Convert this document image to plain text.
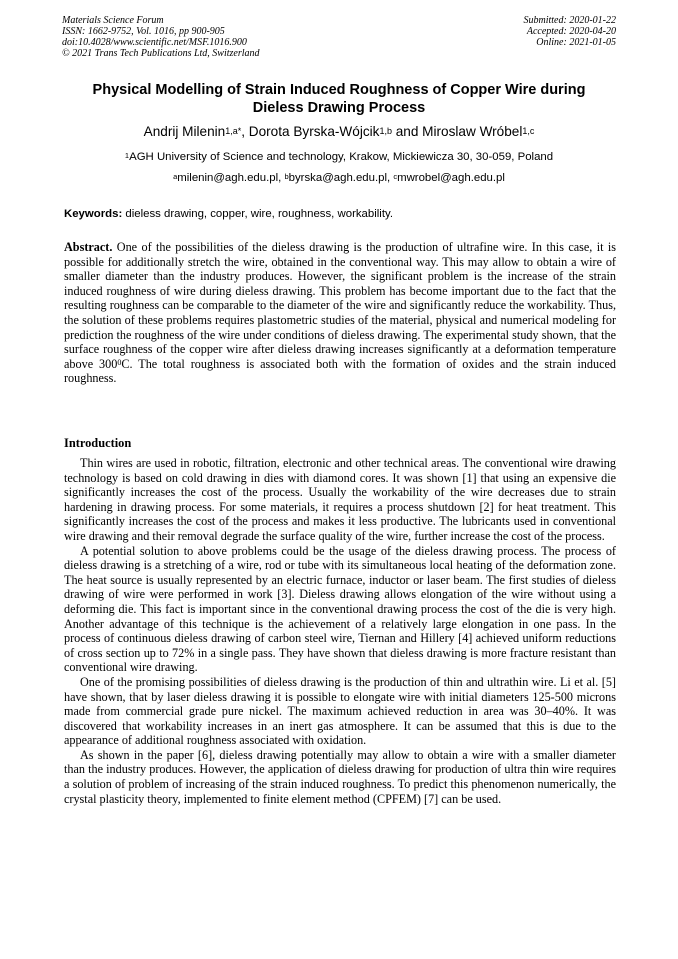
Materials Science Forum
ISSN: 1662-9752, Vol. 1016, pp 900-905
doi:10.4028/www.scientific.net/MSF.1016.900
© 2021 Trans Tech Publications Ltd, Switzerland
Submitted: 2020-01-22
Accepted: 2020-04-20
Online: 2021-01-05
Physical Modelling of Strain Induced Roughness of Copper Wire during
Dieless Drawing Process
Andrij Milenin$^{1,a*}$, Dorota Byrska-Wójcik$^{1,b}$ and Miroslaw Wróbel$^{1,c}$
$^1$AGH University of Science and technology, Krakow, Mickiewicza 30, 30-059, Poland
$^a$milenin@agh.edu.pl, $^b$byrska@agh.edu.pl, $^c$mwrobel@agh.edu.pl
Keywords: dieless drawing, copper, wire, roughness, workability.
Abstract. One of the possibilities of the dieless drawing is the production of ultrafine wire. In this case, it is possible for additionally stretch the wire, obtained in the conventional way. This may allow to obtain a wire of smaller diameter than the industry produces. However, the significant problem is the increase of the strain induced roughness of wire during dieless drawing. This problem has become important due to the fact that the resulting roughness can be comparable to the diameter of the wire and significantly reduce the workability. Thus, the solution of these problems requires plastometric studies of the material, physical and numerical modeling for prediction the roughness of the wire under conditions of dieless drawing. The experimental study shown, that the surface roughness of the copper wire after dieless drawing increases significantly at a deformation temperature above $300^0C$. The total roughness is associated both with the formation of oxides and the strain induced roughness.
Introduction

Thin wires are used in robotic, filtration, electronic and other technical areas. The conventional wire drawing technology is based on cold drawing in dies with diamond cores. It was shown [1] that using an expensive die significantly increases the cost of the process. Usually the workability of the wire decreases due to strain hardening in drawing process. For some materials, it requires a process shutdown [2] for heat treatment. This significantly increases the cost of the process and makes it less productive. The lubricants used in conventional wire drawing and their removal degrade the surface quality of the wire, further increase the cost of the process.

A potential solution to above problems could be the usage of the dieless drawing process. The process of dieless drawing is a stretching of a wire, rod or tube with its simultaneous local heating of the deformation zone. The heat source is usually represented by an electric furnace, inductor or laser beam. The first studies of dieless drawing of wire were performed in work [3]. Dieless drawing allows elongation of the wire without using a deforming die. This fact is important since in the conventional drawing process the cost of the die is very high. Another advantage of this technique is the achievement of a relatively large elongation in one pass. In the process of continuous dieless drawing of carbon steel wire, Tiernan and Hillery [4] achieved uniform reductions of cross section up to 72% in a single pass. They have shown that dieless drawing is more fracture resistant than conventional wire drawing.

One of the promising possibilities of dieless drawing is the production of thin and ultrathin wire. Li et al. [5] have shown, that by laser dieless drawing it is possible to elongate wire with initial diameters 125-500 microns made from commercial grade pure nickel. The maximum achieved reduction in area was 30–40%. It was discovered that workability increases in an inert gas atmosphere. It can be assumed that this is due to the appearance of additional roughness associated with oxidation.

As shown in the paper [6], dieless drawing potentially may allow to obtain a wire with a smaller diameter than the industry produces. However, the application of dieless drawing for production of ultra thin wire requires a solution of problem of increasing of the strain induced roughness. To predict this phenomenon numerically, the crystal plasticity theory, implemented to finite element method (CPFEM) [7] can be used.
